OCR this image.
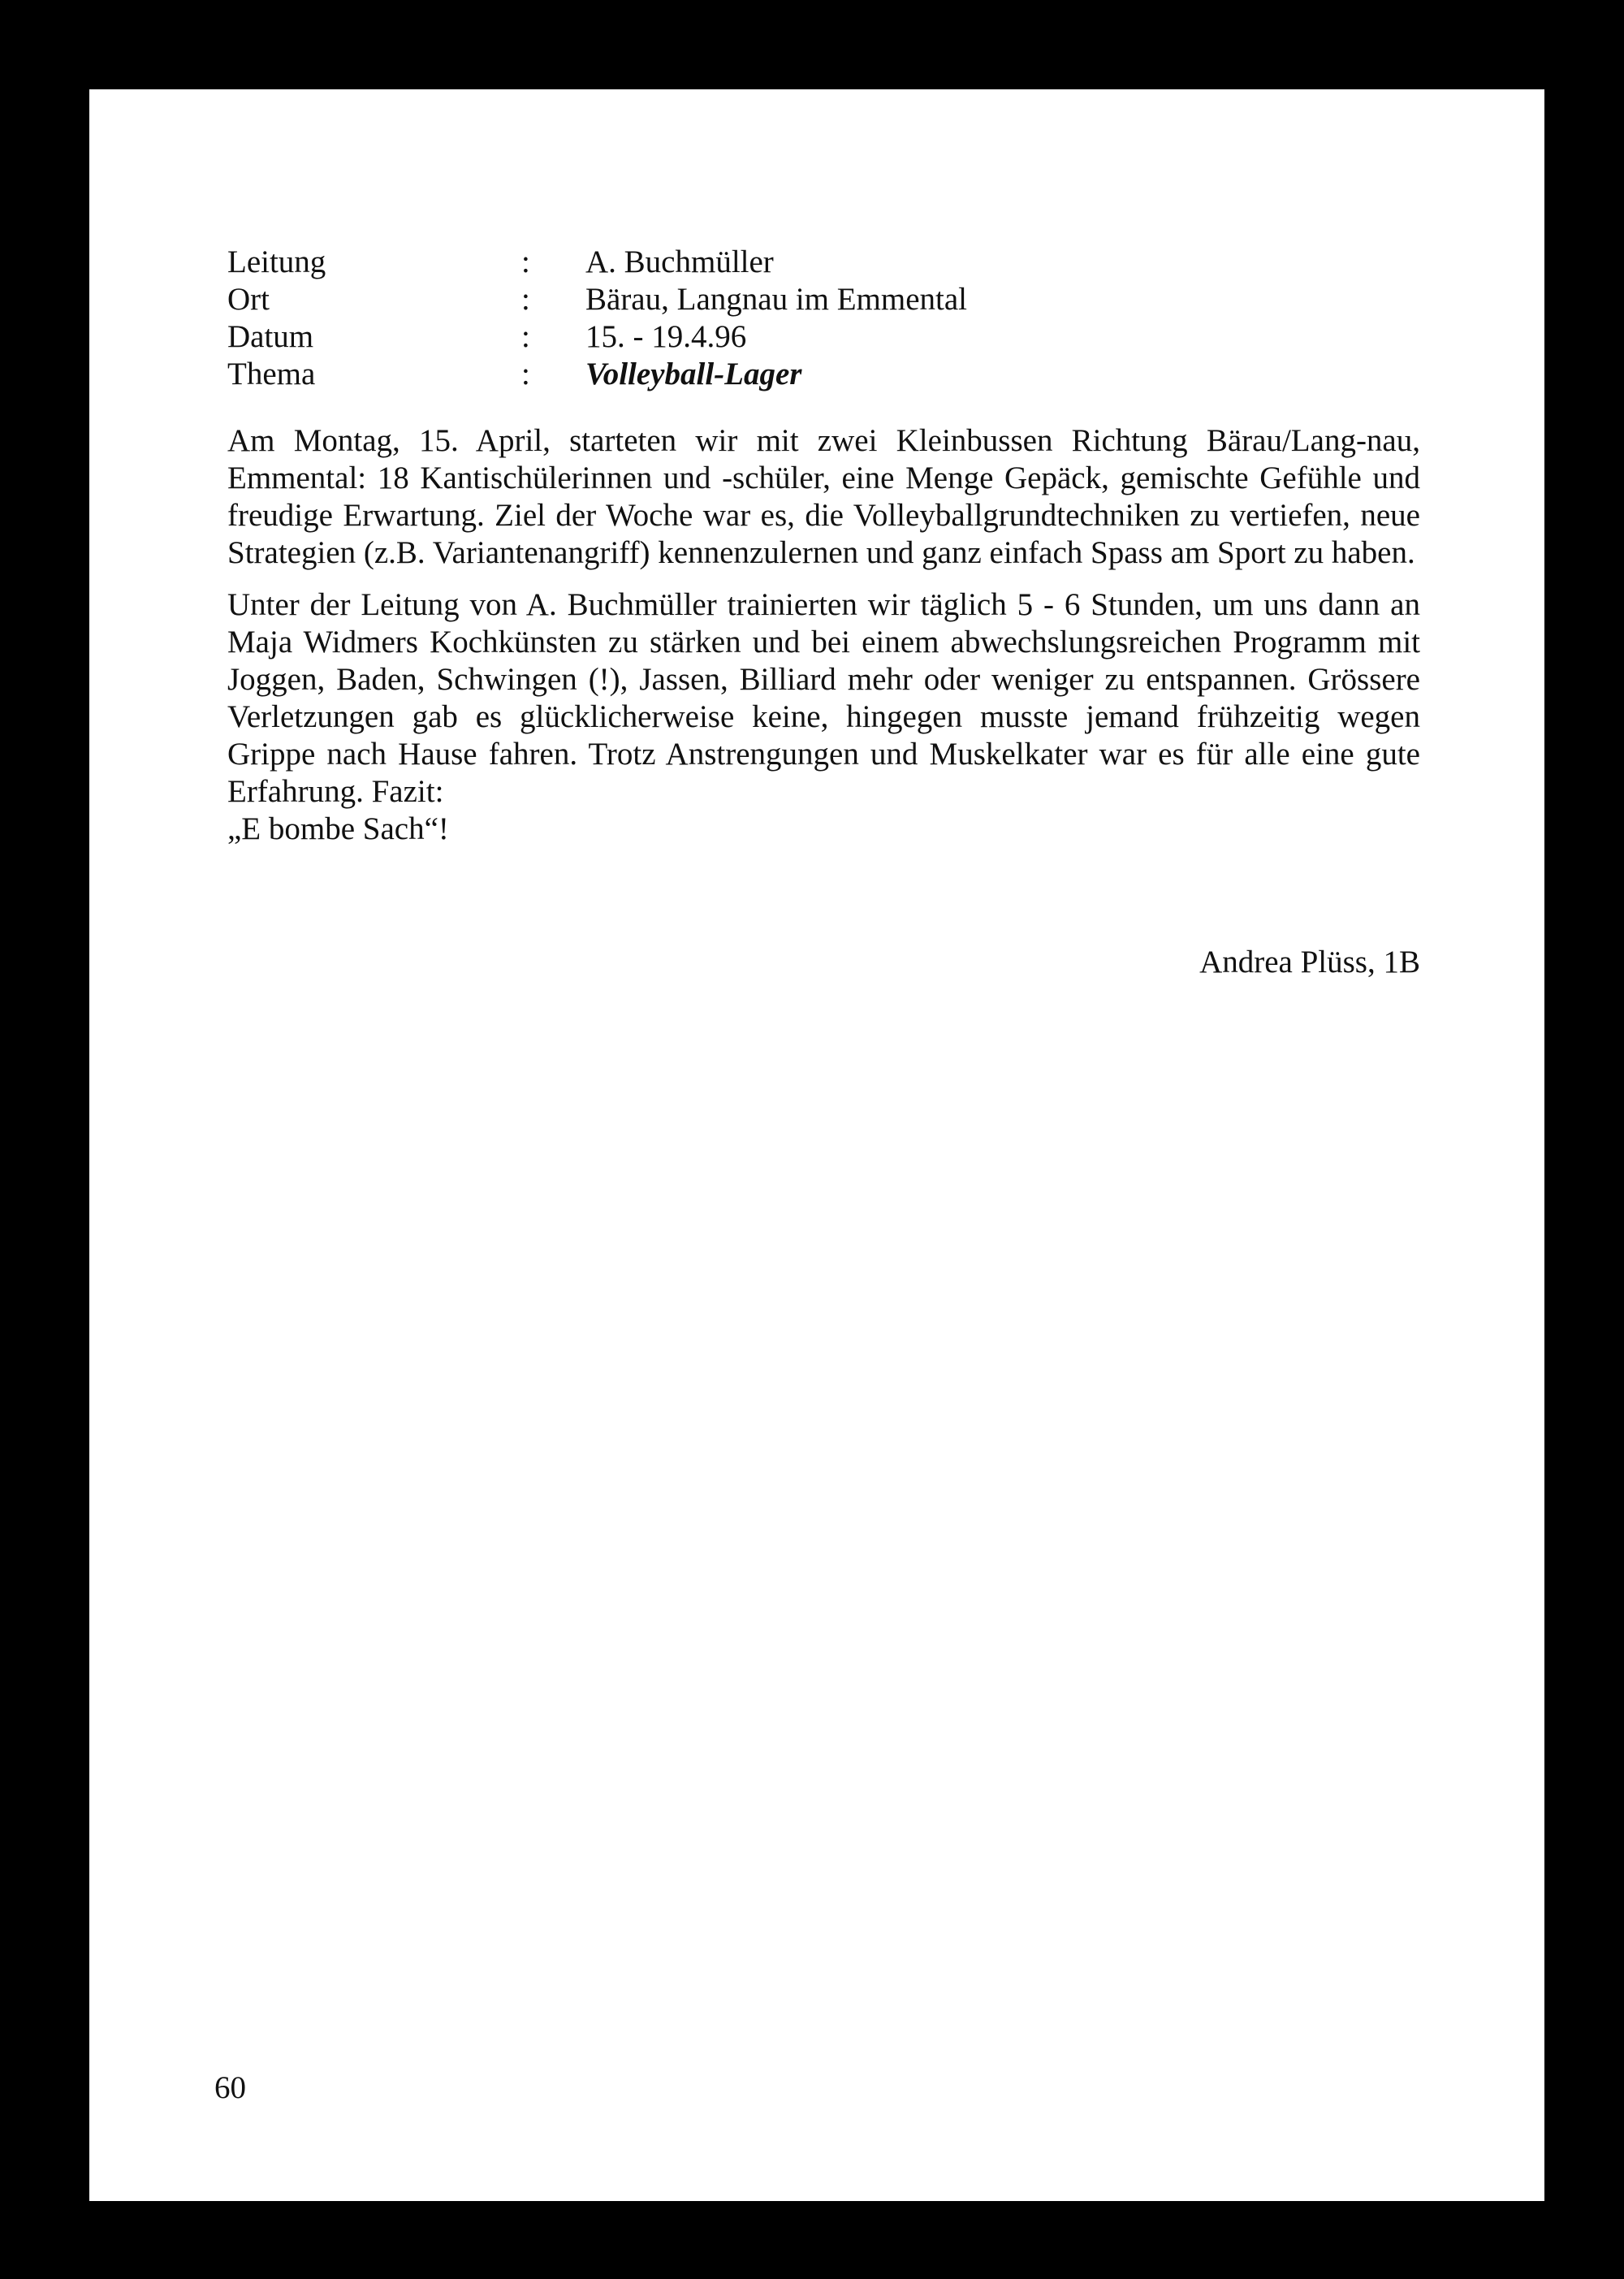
Leitung	:	A. Buchmüller
Ort	:	Bärau, Langnau im Emmental
Datum	:	15. - 19.4.96
Thema	:	Volleyball-Lager

Am Montag, 15. April, starteten wir mit zwei Kleinbussen Richtung Bärau/Lang-nau, Emmental: 18 Kantischülerinnen und -schüler, eine Menge Gepäck, gemischte Gefühle und freudige Erwartung. Ziel der Woche war es, die Volleyballgrundtechniken zu vertiefen, neue Strategien (z.B. Variantenangriff) kennenzulernen und ganz einfach Spass am Sport zu haben.

Unter der Leitung von A. Buchmüller trainierten wir täglich 5 - 6 Stunden, um uns dann an Maja Widmers Kochkünsten zu stärken und bei einem abwechslungsreichen Programm mit Joggen, Baden, Schwingen (!), Jassen, Billiard mehr oder weniger zu entspannen. Grössere Verletzungen gab es glücklicherweise keine, hingegen musste jemand frühzeitig wegen Grippe nach Hause fahren. Trotz Anstrengungen und Muskelkater war es für alle eine gute Erfahrung. Fazit:
„E bombe Sach“!

Andrea Plüss, 1B
60
